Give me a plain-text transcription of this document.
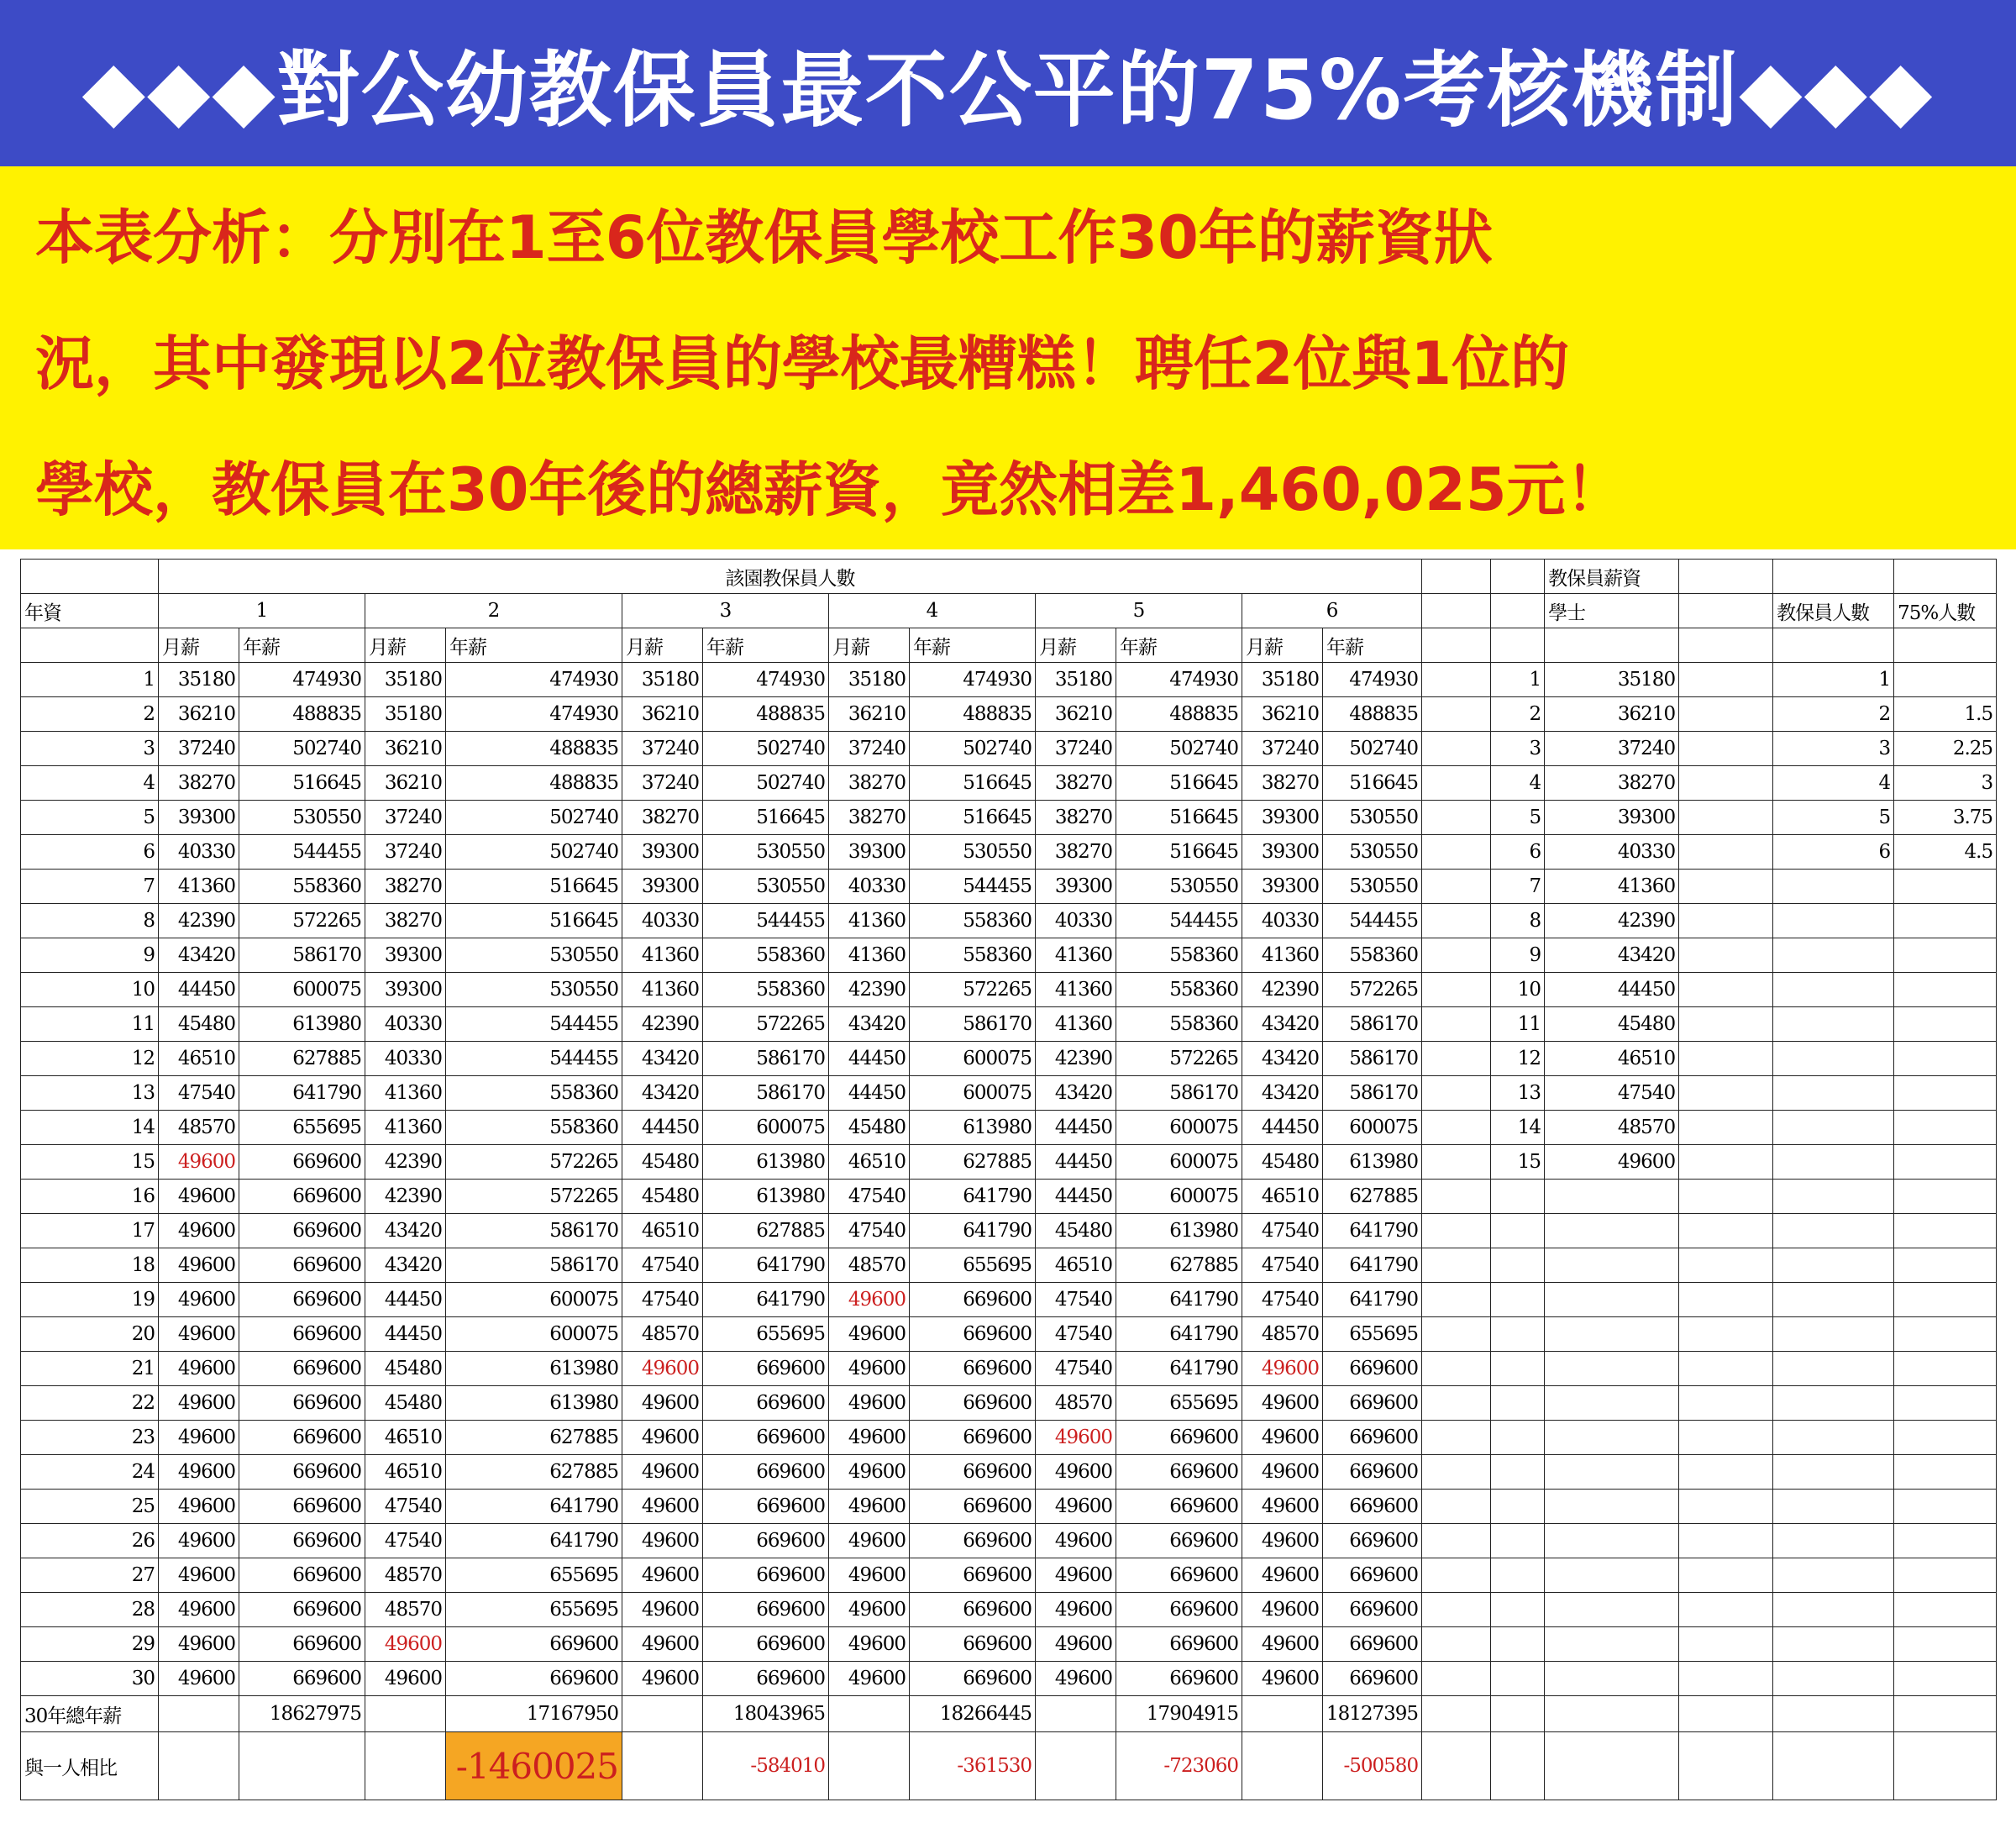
◆◆◆對公幼教保員最不公平的75%考核機制◆◆◆
本表分析：分別在1至6位教保員學校工作30年的薪資狀
況，其中發現以2位教保員的學校最糟糕！聘任2位與1位的
學校，教保員在30年後的總薪資，竟然相差1,460,025元！
	該園教保員人數														教保員薪資			
年資	1		2		3		4		5		6				學士		教保員人數	75%人數
	月薪	年薪	月薪	年薪	月薪	年薪	月薪	年薪	月薪	年薪	月薪	年薪						
1	35180	474930	35180	474930	35180	474930	35180	474930	35180	474930	35180	474930		1	35180		1	
2	36210	488835	35180	474930	36210	488835	36210	488835	36210	488835	36210	488835		2	36210		2	1.5
3	37240	502740	36210	488835	37240	502740	37240	502740	37240	502740	37240	502740		3	37240		3	2.25
4	38270	516645	36210	488835	37240	502740	38270	516645	38270	516645	38270	516645		4	38270		4	3
5	39300	530550	37240	502740	38270	516645	38270	516645	38270	516645	39300	530550		5	39300		5	3.75
6	40330	544455	37240	502740	39300	530550	39300	530550	38270	516645	39300	530550		6	40330		6	4.5
7	41360	558360	38270	516645	39300	530550	40330	544455	39300	530550	39300	530550		7	41360			
8	42390	572265	38270	516645	40330	544455	41360	558360	40330	544455	40330	544455		8	42390			
9	43420	586170	39300	530550	41360	558360	41360	558360	41360	558360	41360	558360		9	43420			
10	44450	600075	39300	530550	41360	558360	42390	572265	41360	558360	42390	572265		10	44450			
11	45480	613980	40330	544455	42390	572265	43420	586170	41360	558360	43420	586170		11	45480			
12	46510	627885	40330	544455	43420	586170	44450	600075	42390	572265	43420	586170		12	46510			
13	47540	641790	41360	558360	43420	586170	44450	600075	43420	586170	43420	586170		13	47540			
14	48570	655695	41360	558360	44450	600075	45480	613980	44450	600075	44450	600075		14	48570			
15	49600	669600	42390	572265	45480	613980	46510	627885	44450	600075	45480	613980		15	49600			
16	49600	669600	42390	572265	45480	613980	47540	641790	44450	600075	46510	627885						
17	49600	669600	43420	586170	46510	627885	47540	641790	45480	613980	47540	641790						
18	49600	669600	43420	586170	47540	641790	48570	655695	46510	627885	47540	641790						
19	49600	669600	44450	600075	47540	641790	49600	669600	47540	641790	47540	641790						
20	49600	669600	44450	600075	48570	655695	49600	669600	47540	641790	48570	655695						
21	49600	669600	45480	613980	49600	669600	49600	669600	47540	641790	49600	669600						
22	49600	669600	45480	613980	49600	669600	49600	669600	48570	655695	49600	669600						
23	49600	669600	46510	627885	49600	669600	49600	669600	49600	669600	49600	669600						
24	49600	669600	46510	627885	49600	669600	49600	669600	49600	669600	49600	669600						
25	49600	669600	47540	641790	49600	669600	49600	669600	49600	669600	49600	669600						
26	49600	669600	47540	641790	49600	669600	49600	669600	49600	669600	49600	669600						
27	49600	669600	48570	655695	49600	669600	49600	669600	49600	669600	49600	669600						
28	49600	669600	48570	655695	49600	669600	49600	669600	49600	669600	49600	669600						
29	49600	669600	49600	669600	49600	669600	49600	669600	49600	669600	49600	669600						
30	49600	669600	49600	669600	49600	669600	49600	669600	49600	669600	49600	669600						
30年總年薪		18627975		17167950		18043965		18266445		17904915		18127395						
與一人相比				-1460025		-584010		-361530		-723060		-500580						
